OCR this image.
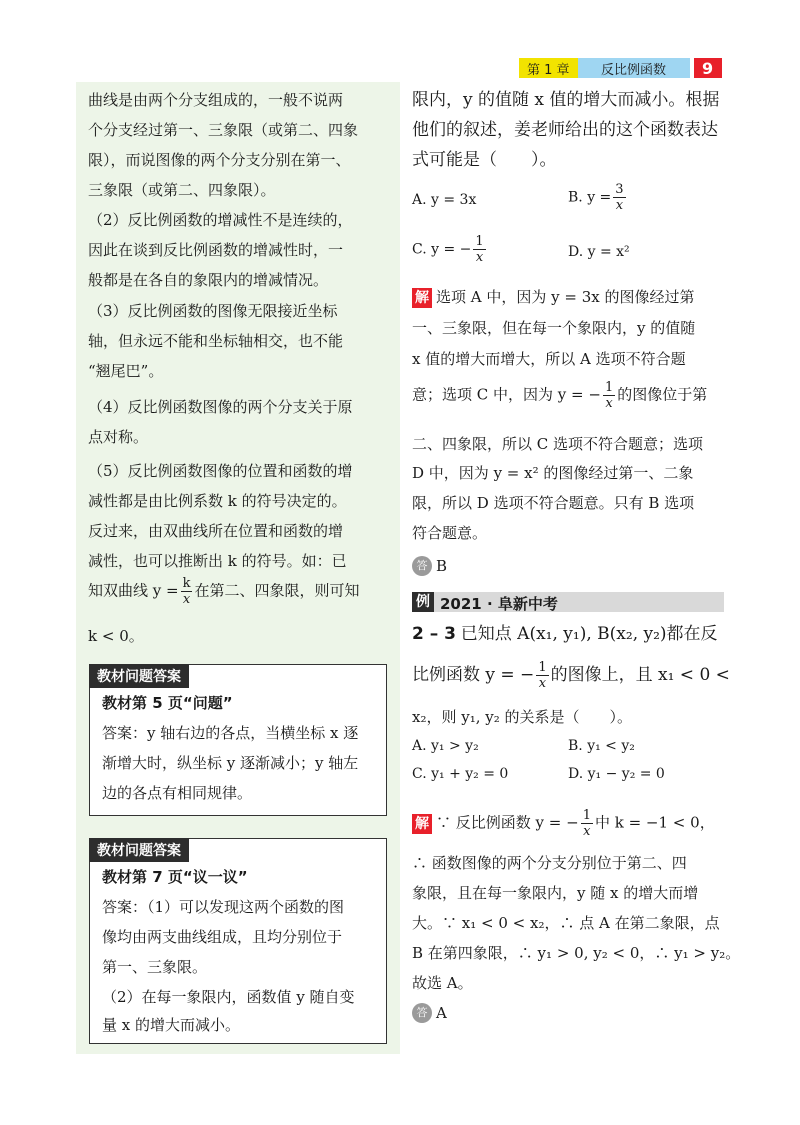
第 1 章	反比例函数	9
曲线是由两个分支组成的，一般不说两
个分支经过第一、三象限（或第二、四象
限），而说图像的两个分支分别在第一、
三象限（或第二、四象限）。
（2）反比例函数的增减性不是连续的，
因此在谈到反比例函数的增减性时，一
般都是在各自的象限内的增减情况。
（3）反比例函数的图像无限接近坐标
轴，但永远不能和坐标轴相交，也不能
“翘尾巴”。
（4）反比例函数图像的两个分支关于原
点对称。
（5）反比例函数图像的位置和函数的增
减性都是由比例系数 k 的符号决定的。
反过来，由双曲线所在位置和函数的增
减性，也可以推断出 k 的符号。如：已
知双曲线 $y = \frac{k}{x}$ 在第二、四象限，则可知
k < 0。
教材问题答案
教材第 5 页“问题”
答案：y 轴右边的各点，当横坐标 x 逐
渐增大时，纵坐标 y 逐渐减小；y 轴左
边的各点有相同规律。
教材问题答案
教材第 7 页“议一议”
答案：（1）可以发现这两个函数的图
像均由两支曲线组成，且均分别位于
第一、三象限。
（2）在每一象限内，函数值 y 随自变
量 x 的增大而减小。
限内，y 的值随 x 值的增大而减小。根据
他们的叙述，姜老师给出的这个函数表达
式可能是（　　）。
A. y = 3x	B. $y = \frac{3}{x}$
C. y = − $\frac{1}{x}$	D. y = x²
解 选项 A 中，因为 y = 3x 的图像经过第
一、三象限，但在每一个象限内，y 的值随
x 值的增大而增大，所以 A 选项不符合题
意；选项 C 中，因为 y = − $\frac{1}{x}$ 的图像位于第
二、四象限，所以 C 选项不符合题意；选项
D 中，因为 y = x² 的图像经过第一、二象
限，所以 D 选项不符合题意。只有 B 选项
符合题意。
答 B
例 2021 · 阜新中考
2 – 3 已知点 A(x₁, y₁), B(x₂, y₂)都在反
比例函数 y = − $\frac{1}{x}$ 的图像上，且 x₁ < 0 <
x₂，则 y₁, y₂ 的关系是（　　）。
A. y₁ > y₂	B. y₁ < y₂
C. y₁ + y₂ = 0	D. y₁ − y₂ = 0
解 ∵ 反比例函数 y = − $\frac{1}{x}$ 中 k = −1 < 0，
∴ 函数图像的两个分支分别位于第二、四
象限，且在每一象限内，y 随 x 的增大而增
大。∵ x₁ < 0 < x₂，∴ 点 A 在第二象限，点
B 在第四象限，∴ y₁ > 0, y₂ < 0，∴ y₁ > y₂。
故选 A。
答 A
